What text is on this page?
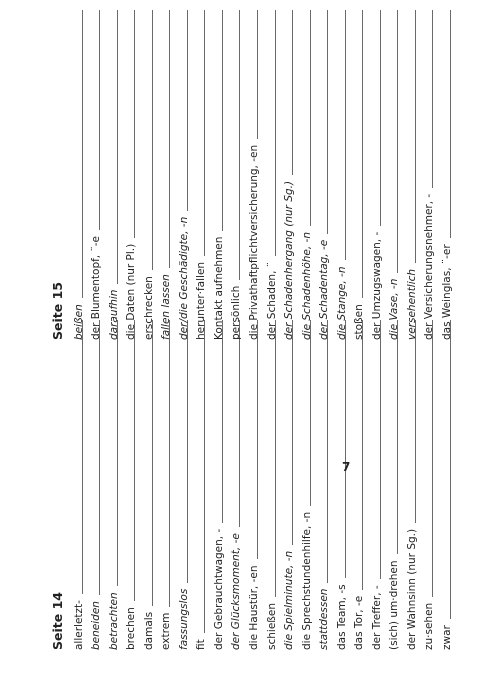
Seite 14 allerletzt- beneiden betrachten brechen damals extrem fassungslos fit der Gebrauchtwagen, - der Glücksmoment, -e die Haustür, -en schießen die Spielminute, -n die Sprechstundenhilfe, -n stattdessen das Team, -s das Tor, -e der Treffer, - (sich) um·drehen der Wahnsinn (nur Sg.) zu·sehen zwar
Seite 15 beißen der Blumentopf, ¨-e daraufhin die Daten (nur Pl.) erschrecken fallen lassen der/die Geschädigte, -n herunter·fallen Kontakt aufnehmen persönlich die Privathaftpflichtversicherung, -en der Schaden, ¨ der Schadenhergang (nur Sg.) die Schadenhöhe, -n der Schadentag, -e die Stange, -n stoßen der Umzugswagen, - die Vase, -n versehentlich der Versicherungsnehmer, - das Weinglas, ¨-er
7
